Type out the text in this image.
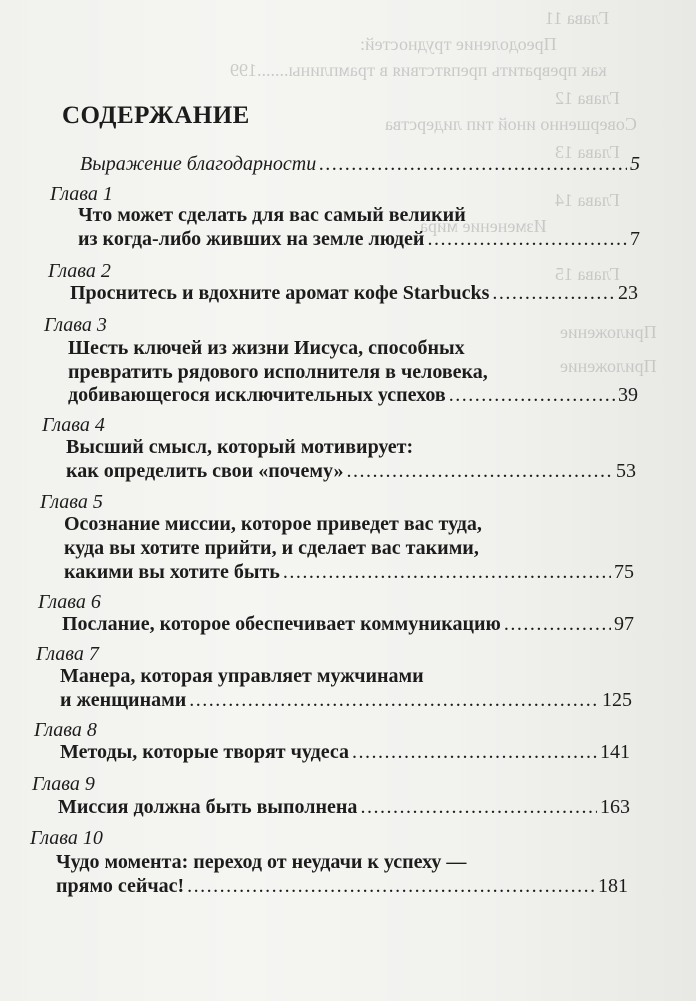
Глава 11
Преодоление трудностей:
как превратить препятствия в трамплины.......199
Глава 12
Совершенно иной тип лидерства
Глава 13
Глава 14
Изменение мира
Глава 15
Приложение
Приложение
СОДЕРЖАНИЕ
Выражение благодарности .....	5
Глава 1
Что может сделать для вас самый великий
из когда-либо живших на земле людей .....	7
Глава 2
Проснитесь и вдохните аромат кофе Starbucks .....	23
Глава 3
Шесть ключей из жизни Иисуса, способных
превратить рядового исполнителя в человека,
добивающегося исключительных успехов .....	39
Глава 4
Высший смысл, который мотивирует:
как определить свои «почему» .....	53
Глава 5
Осознание миссии, которое приведет вас туда,
куда вы хотите прийти, и сделает вас такими,
какими вы хотите быть .....	75
Глава 6
Послание, которое обеспечивает коммуникацию .....	97
Глава 7
Манера, которая управляет мужчинами
и женщинами .....	125
Глава 8
Методы, которые творят чудеса .....	141
Глава 9
Миссия должна быть выполнена .....	163
Глава 10
Чудо момента: переход от неудачи к успеху —
прямо сейчас! .....	181
